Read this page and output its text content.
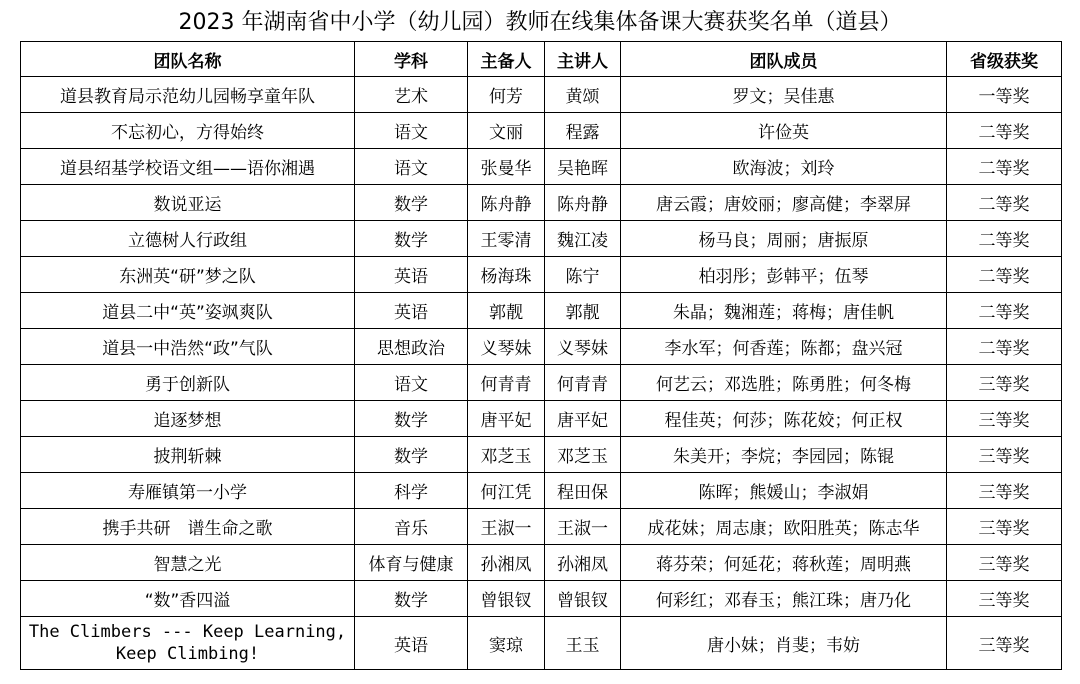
2023 年湖南省中小学（幼儿园）教师在线集体备课大赛获奖名单（道县）
团队名称	学科	主备人	主讲人	团队成员	省级获奖
道县教育局示范幼儿园畅享童年队	艺术	何芳	黄颂	罗文；吴佳惠	一等奖
不忘初心，方得始终	语文	文丽	程露	许俭英	二等奖
道县绍基学校语文组——语你湘遇	语文	张曼华	吴艳晖	欧海波；刘玲	二等奖
数说亚运	数学	陈舟静	陈舟静	唐云霞；唐姣丽；廖高健；李翠屏	二等奖
立德树人行政组	数学	王零清	魏江凌	杨马良；周丽；唐振原	二等奖
东洲英“研”梦之队	英语	杨海珠	陈宁	柏羽彤；彭韩平；伍琴	二等奖
道县二中“英”姿飒爽队	英语	郭靓	郭靓	朱晶；魏湘莲；蒋梅；唐佳帆	二等奖
道县一中浩然“政”气队	思想政治	义琴妹	义琴妹	李水军；何香莲；陈都；盘兴冠	二等奖
勇于创新队	语文	何青青	何青青	何艺云；邓选胜；陈勇胜；何冬梅	三等奖
追逐梦想	数学	唐平妃	唐平妃	程佳英；何莎；陈花姣；何正权	三等奖
披荆斩棘	数学	邓芝玉	邓芝玉	朱美开；李烷；李园园；陈锟	三等奖
寿雁镇第一小学	科学	何江凭	程田保	陈晖；熊媛山；李淑娟	三等奖
携手共研　谱生命之歌	音乐	王淑一	王淑一	成花妹；周志康；欧阳胜英；陈志华	三等奖
智慧之光	体育与健康	孙湘凤	孙湘凤	蒋芬荣；何延花；蒋秋莲；周明燕	三等奖
“数”香四溢	数学	曾银钗	曾银钗	何彩红；邓春玉；熊江珠；唐乃化	三等奖
The Climbers --- Keep Learning, Keep Climbing!	英语	窦琼	王玉	唐小妹；肖斐；韦妨	三等奖
